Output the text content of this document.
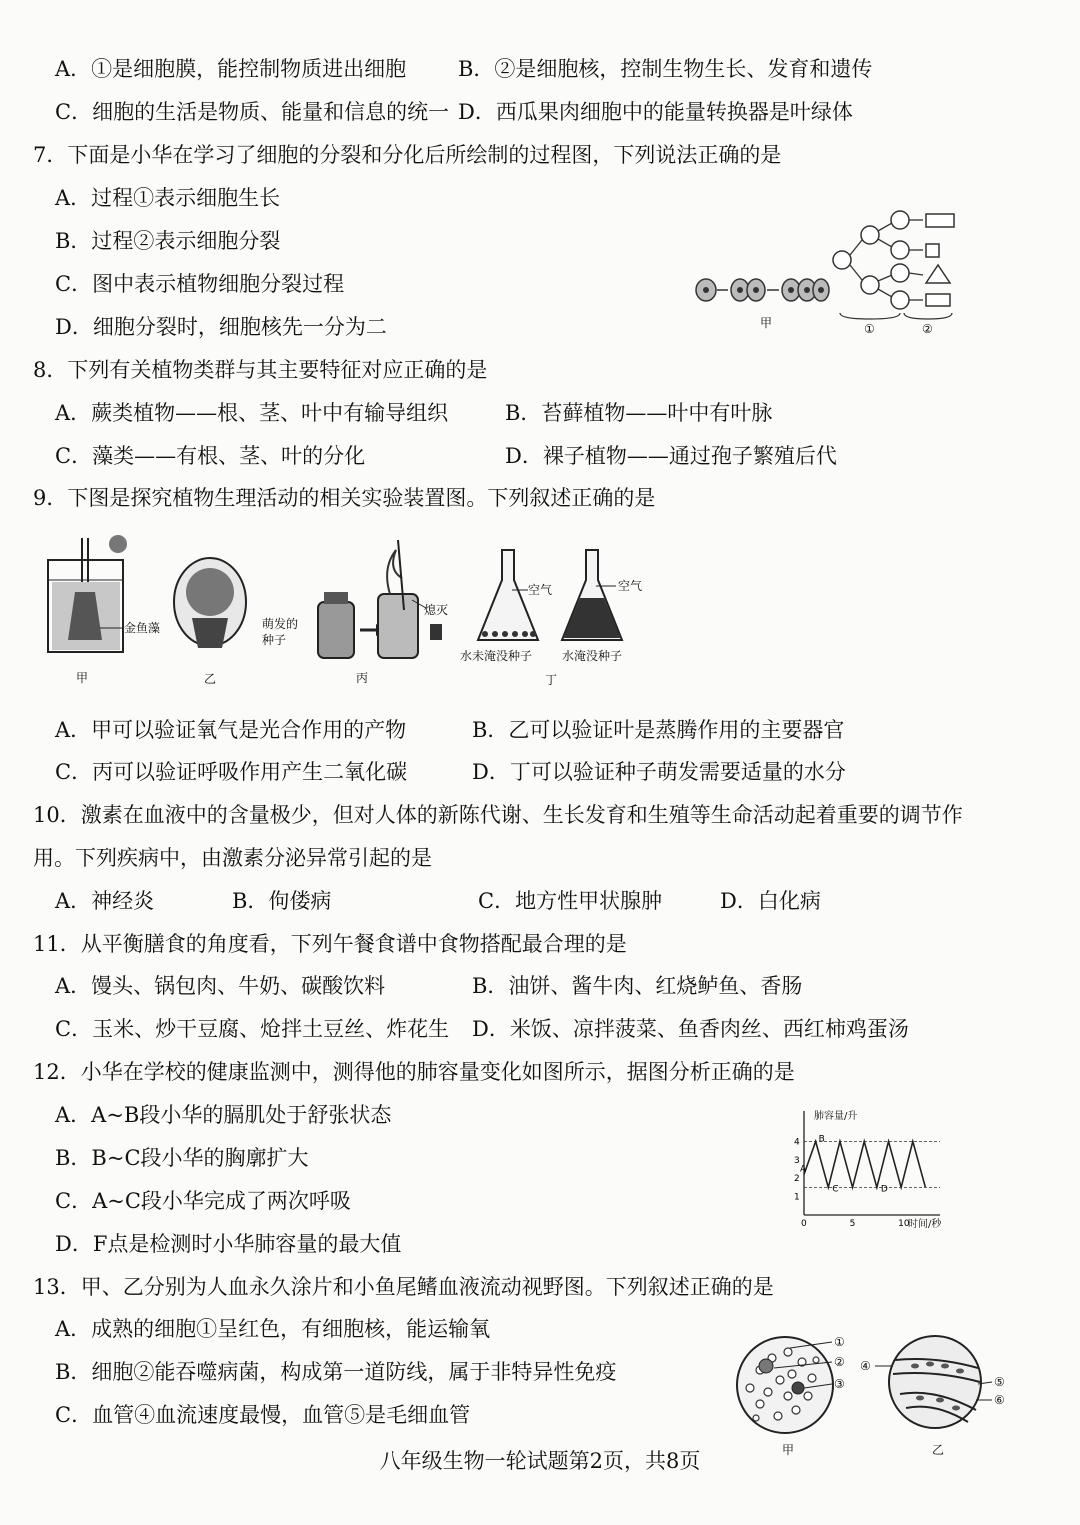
A．①是细胞膜，能控制物质进出细胞 B．②是细胞核，控制生物生长、发育和遗传
C．细胞的生活是物质、能量和信息的统一 D．西瓜果肉细胞中的能量转换器是叶绿体
7．下面是小华在学习了细胞的分裂和分化后所绘制的过程图，下列说法正确的是
A．过程①表示细胞生长
B．过程②表示细胞分裂
C．图中表示植物细胞分裂过程
D．细胞分裂时，细胞核先一分为二	甲	①	②
8．下列有关植物类群与其主要特征对应正确的是
A．蕨类植物——根、茎、叶中有输导组织	B．苔藓植物——叶中有叶脉
C．藻类——有根、茎、叶的分化	D．裸子植物——通过孢子繁殖后代
9．下图是探究植物生理活动的相关实验装置图。下列叙述正确的是
金鱼藻
甲	乙
萌发的
种子
熄灭
丙
空气	空气
水未淹没种子 水淹没种子
丁
A．甲可以验证氧气是光合作用的产物	B．乙可以验证叶是蒸腾作用的主要器官
C．丙可以验证呼吸作用产生二氧化碳	D．丁可以验证种子萌发需要适量的水分
10．激素在血液中的含量极少，但对人体的新陈代谢、生长发育和生殖等生命活动起着重要的调节作
用。下列疾病中，由激素分泌异常引起的是
A．神经炎	B．佝偻病	C．地方性甲状腺肿	D．白化病
11．从平衡膳食的角度看，下列午餐食谱中食物搭配最合理的是
A．馒头、锅包肉、牛奶、碳酸饮料	B．油饼、酱牛肉、红烧鲈鱼、香肠
C．玉米、炒干豆腐、炝拌土豆丝、炸花生 D．米饭、凉拌菠菜、鱼香肉丝、西红柿鸡蛋汤
12．小华在学校的健康监测中，测得他的肺容量变化如图所示，据图分析正确的是
A．A~B段小华的膈肌处于舒张状态
B．B~C段小华的胸廓扩大
C．A~C段小华完成了两次呼吸
D．F点是检测时小华肺容量的最大值
肺容量/升
时间/秒
1
2
3
4
0	5	10
A
B
C	D
13．甲、乙分别为人血永久涂片和小鱼尾鳍血液流动视野图。下列叙述正确的是
A．成熟的细胞①呈红色，有细胞核，能运输氧
B．细胞②能吞噬病菌，构成第一道防线，属于非特异性免疫
C．血管④血流速度最慢，血管⑤是毛细血管
①
②
③
甲
④
⑤
⑥
乙
八年级生物一轮试题第2页，共8页
